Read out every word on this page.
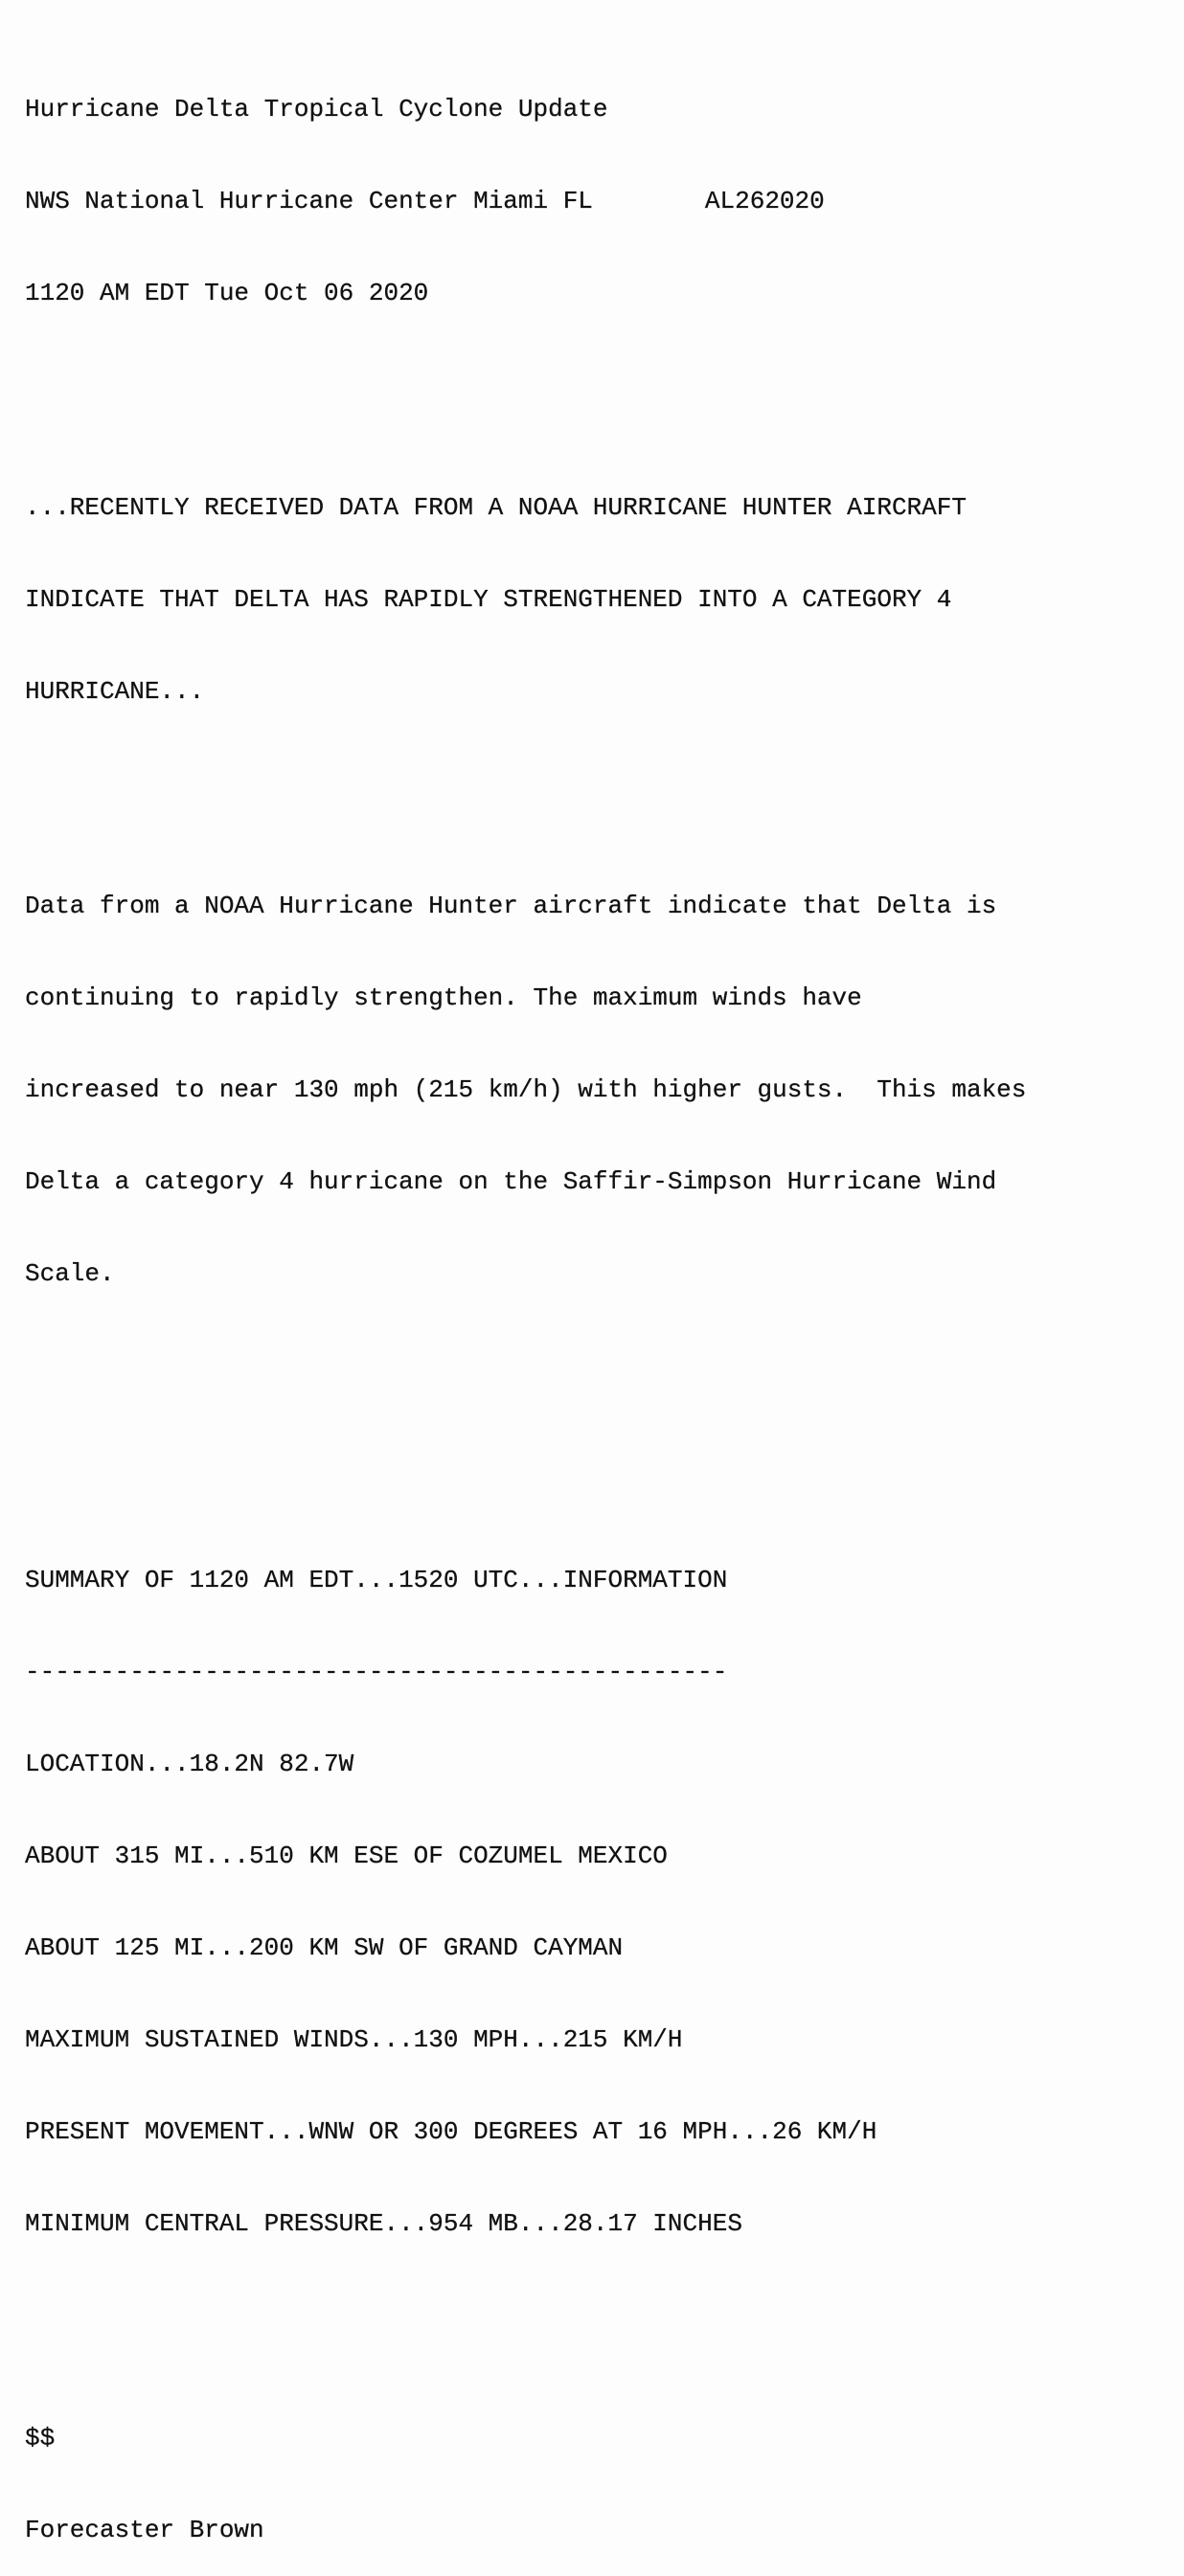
Hurricane Delta Tropical Cyclone Update

NWS National Hurricane Center Miami FL	AL262020

1120 AM EDT Tue Oct 06 2020

...RECENTLY RECEIVED DATA FROM A NOAA HURRICANE HUNTER AIRCRAFT

INDICATE THAT DELTA HAS RAPIDLY STRENGTHENED INTO A CATEGORY 4

HURRICANE...

Data from a NOAA Hurricane Hunter aircraft indicate that Delta is

continuing to rapidly strengthen. The maximum winds have

increased to near 130 mph (215 km/h) with higher gusts.  This makes

Delta a category 4 hurricane on the Saffir-Simpson Hurricane Wind

Scale.

SUMMARY OF 1120 AM EDT...1520 UTC...INFORMATION

-----------------------------------------------

LOCATION...18.2N 82.7W

ABOUT 315 MI...510 KM ESE OF COZUMEL MEXICO

ABOUT 125 MI...200 KM SW OF GRAND CAYMAN

MAXIMUM SUSTAINED WINDS...130 MPH...215 KM/H

PRESENT MOVEMENT...WNW OR 300 DEGREES AT 16 MPH...26 KM/H

MINIMUM CENTRAL PRESSURE...954 MB...28.17 INCHES

$$

Forecaster Brown
